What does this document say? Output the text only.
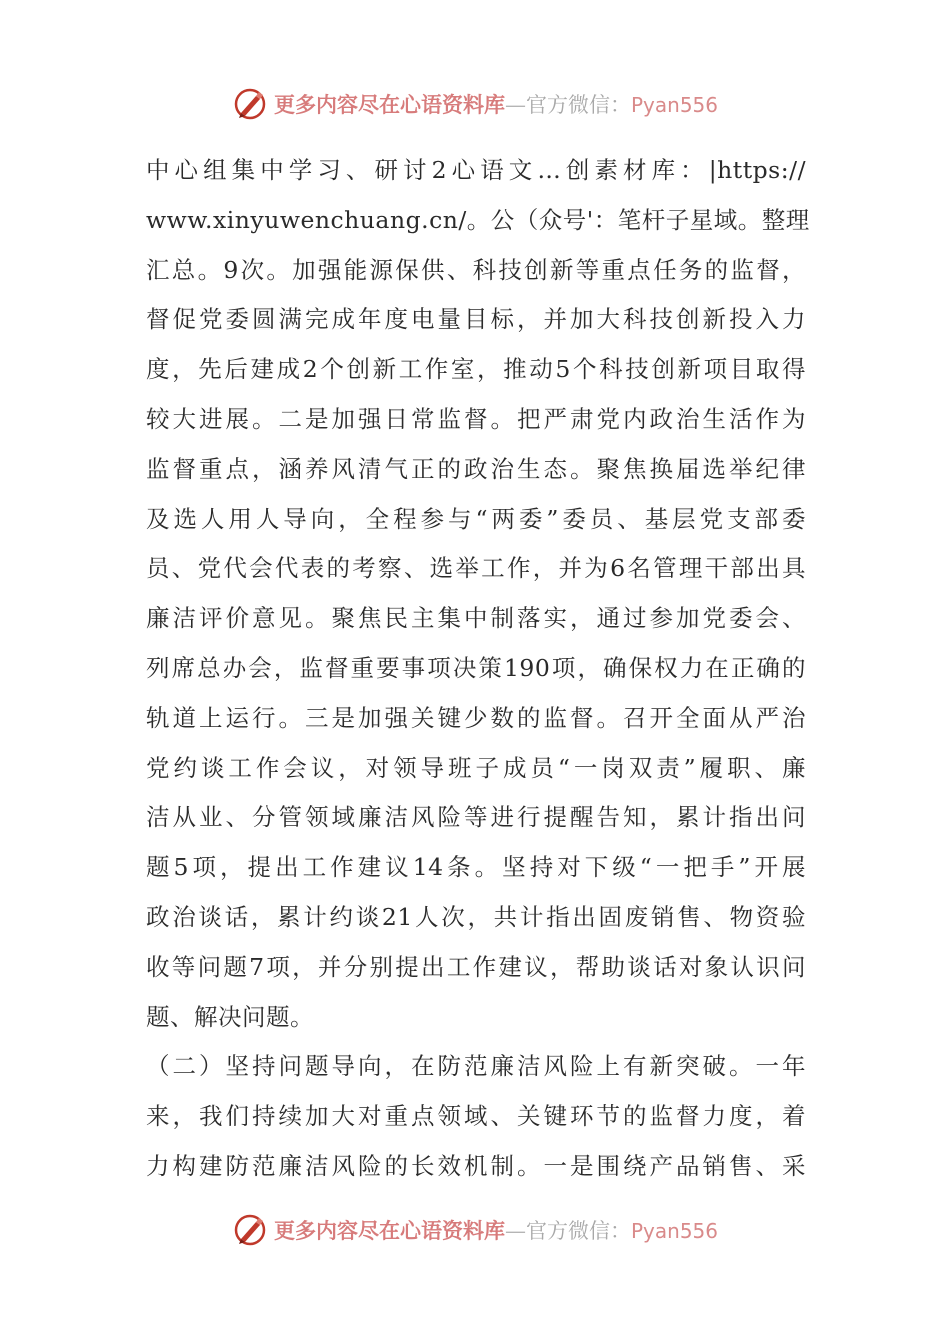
更多内容尽在心语资料库—官方微信：Pyan556
中心组集中学习、研讨2心语文…创素材库：|https://
www.xinyuwenchuang.cn/。公（众号'：笔杆子星域。整理
汇总。9次。加强能源保供、科技创新等重点任务的监督，
督促党委圆满完成年度电量目标，并加大科技创新投入力
度，先后建成2个创新工作室，推动5个科技创新项目取得
较大进展。二是加强日常监督。把严肃党内政治生活作为
监督重点，涵养风清气正的政治生态。聚焦换届选举纪律
及选人用人导向，全程参与“两委”委员、基层党支部委
员、党代会代表的考察、选举工作，并为6名管理干部出具
廉洁评价意见。聚焦民主集中制落实，通过参加党委会、
列席总办会，监督重要事项决策190项，确保权力在正确的
轨道上运行。三是加强关键少数的监督。召开全面从严治
党约谈工作会议，对领导班子成员“一岗双责”履职、廉
洁从业、分管领域廉洁风险等进行提醒告知，累计指出问
题5项，提出工作建议14条。坚持对下级“一把手”开展
政治谈话，累计约谈21人次，共计指出固废销售、物资验
收等问题7项，并分别提出工作建议，帮助谈话对象认识问
题、解决问题。
（二）坚持问题导向，在防范廉洁风险上有新突破。一年
来，我们持续加大对重点领域、关键环节的监督力度，着
力构建防范廉洁风险的长效机制。一是围绕产品销售、采
更多内容尽在心语资料库—官方微信：Pyan556
